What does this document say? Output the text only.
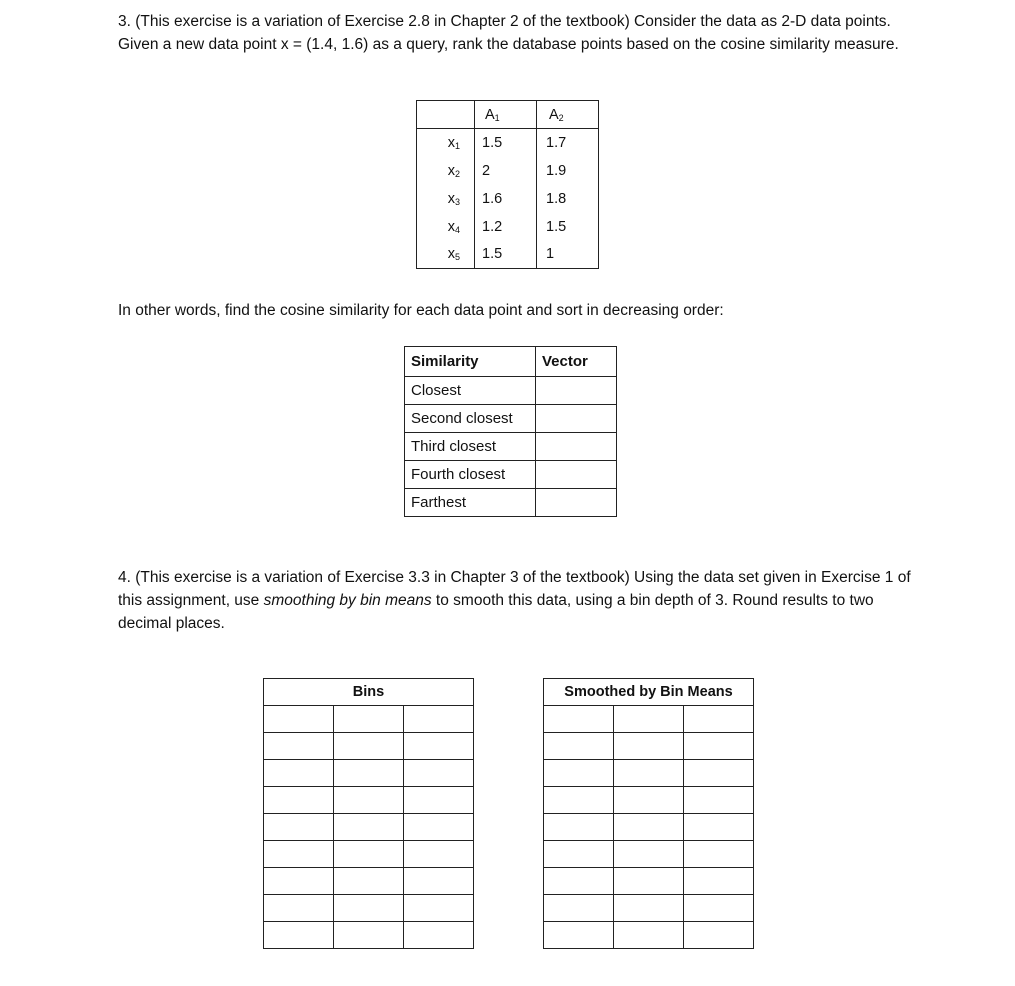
3. (This exercise is a variation of Exercise 2.8 in Chapter 2 of the textbook) Consider the data as 2-D data points. Given a new data point x = (1.4, 1.6) as a query, rank the database points based on the cosine similarity measure.

	$A_1$	$A_2$
$x_1$	1.5	1.7
$x_2$	2	1.9
$x_3$	1.6	1.8
$x_4$	1.2	1.5
$x_5$	1.5	1

In other words, find the cosine similarity for each data point and sort in decreasing order:

Similarity	Vector
Closest	
Second closest	
Third closest	
Fourth closest	
Farthest	

4. (This exercise is a variation of Exercise 3.3 in Chapter 3 of the textbook) Using the data set given in Exercise 1 of this assignment, use smoothing by bin means to smooth this data, using a bin depth of 3. Round results to two decimal places.

Bins		

			Smoothed by Bin Means		
